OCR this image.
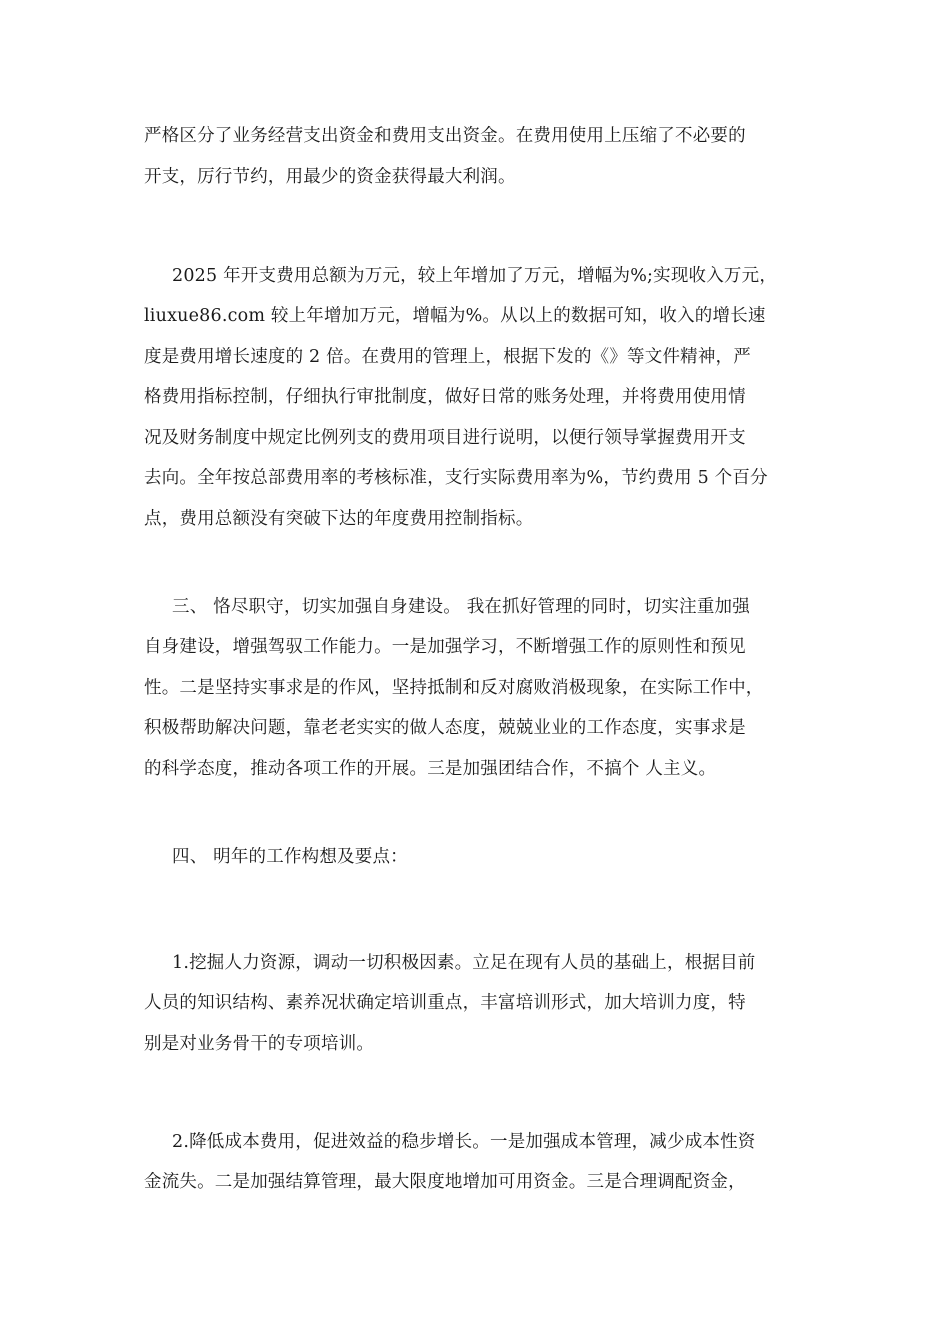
严格区分了业务经营支出资金和费用支出资金。在费用使用上压缩了不必要的
开支，厉行节约，用最少的资金获得最大利润。
2025 年开支费用总额为万元，较上年增加了万元，增幅为%;实现收入万元，
liuxue86.com 较上年增加万元，增幅为%。从以上的数据可知，收入的增长速
度是费用增长速度的 2 倍。在费用的管理上，根据下发的《》等文件精神，严
格费用指标控制，仔细执行审批制度，做好日常的账务处理，并将费用使用情
况及财务制度中规定比例列支的费用项目进行说明，以便行领导掌握费用开支
去向。全年按总部费用率的考核标准，支行实际费用率为%，节约费用 5 个百分
点，费用总额没有突破下达的年度费用控制指标。
三、 恪尽职守，切实加强自身建设。 我在抓好管理的同时，切实注重加强
自身建设，增强驾驭工作能力。一是加强学习，不断增强工作的原则性和预见
性。二是坚持实事求是的作风，坚持抵制和反对腐败消极现象，在实际工作中，
积极帮助解决问题，靠老老实实的做人态度，兢兢业业的工作态度，实事求是
的科学态度，推动各项工作的开展。三是加强团结合作，不搞个 人主义。
四、 明年的工作构想及要点：
1.挖掘人力资源，调动一切积极因素。立足在现有人员的基础上，根据目前
人员的知识结构、素养况状确定培训重点，丰富培训形式，加大培训力度，特
别是对业务骨干的专项培训。
2.降低成本费用，促进效益的稳步增长。一是加强成本管理，减少成本性资
金流失。二是加强结算管理，最大限度地增加可用资金。三是合理调配资金，
